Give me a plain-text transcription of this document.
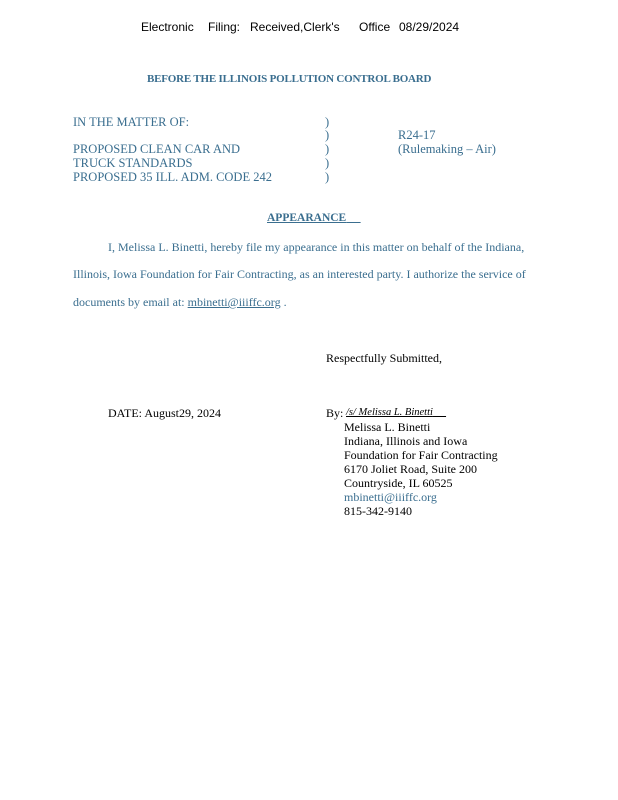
Electronic Filing: Received,Clerk's Office 08/29/2024
BEFORE THE ILLINOIS POLLUTION CONTROL BOARD
IN THE MATTER OF:
PROPOSED CLEAN CAR AND
TRUCK STANDARDS
PROPOSED 35 ILL. ADM. CODE 242
)
)
)
)
)
R24-17
(Rulemaking – Air)
APPEARANCE
I, Melissa L. Binetti, hereby file my appearance in this matter on behalf of the Indiana,
Illinois, Iowa Foundation for Fair Contracting, as an interested party. I authorize the service of
documents by email at: mbinetti@iiiffc.org .
Respectfully Submitted,
DATE: August29, 2024	By: /s/ Melissa L. Binetti
Melissa L. Binetti
Indiana, Illinois and Iowa
Foundation for Fair Contracting
6170 Joliet Road, Suite 200
Countryside, IL 60525
mbinetti@iiiffc.org
815-342-9140
